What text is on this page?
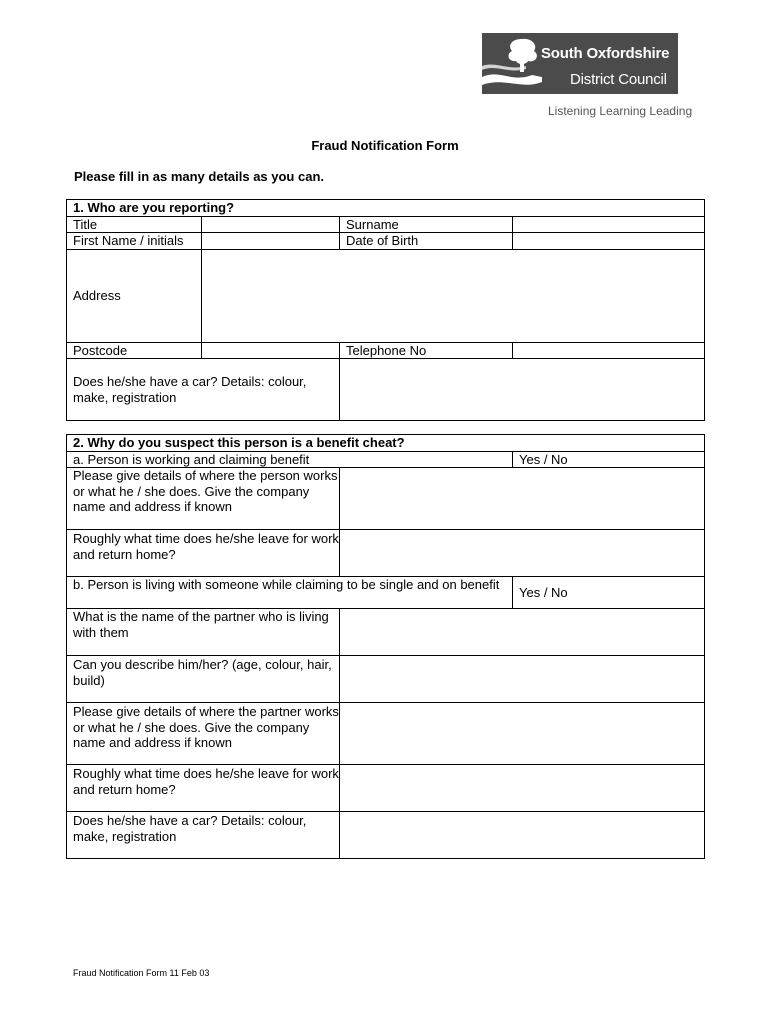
South Oxfordshire
District Council
Listening Learning Leading
Fraud Notification Form
Please fill in as many details as you can.
1. Who are you reporting?			
Title		Surname	
First Name / initials		Date of Birth	
Address			
Postcode		Telephone No	
Does he/she have a car? Details: colour, make, registration			
2. Why do you suspect this person is a benefit cheat?		
a. Person is working and claiming benefit		Yes / No
Please give details of where the person works or what he / she does. Give the company name and address if known		
Roughly what time does he/she leave for work and return home?		
b. Person is living with someone while claiming to be single and on benefit		Yes / No
What is the name of the partner who is living with them		
Can you describe him/her? (age, colour, hair, build)		
Please give details of where the partner works or what he / she does. Give the company name and address if known		
Roughly what time does he/she leave for work and return home?		
Does he/she have a car? Details: colour, make, registration		
Fraud Notification Form 11 Feb 03
